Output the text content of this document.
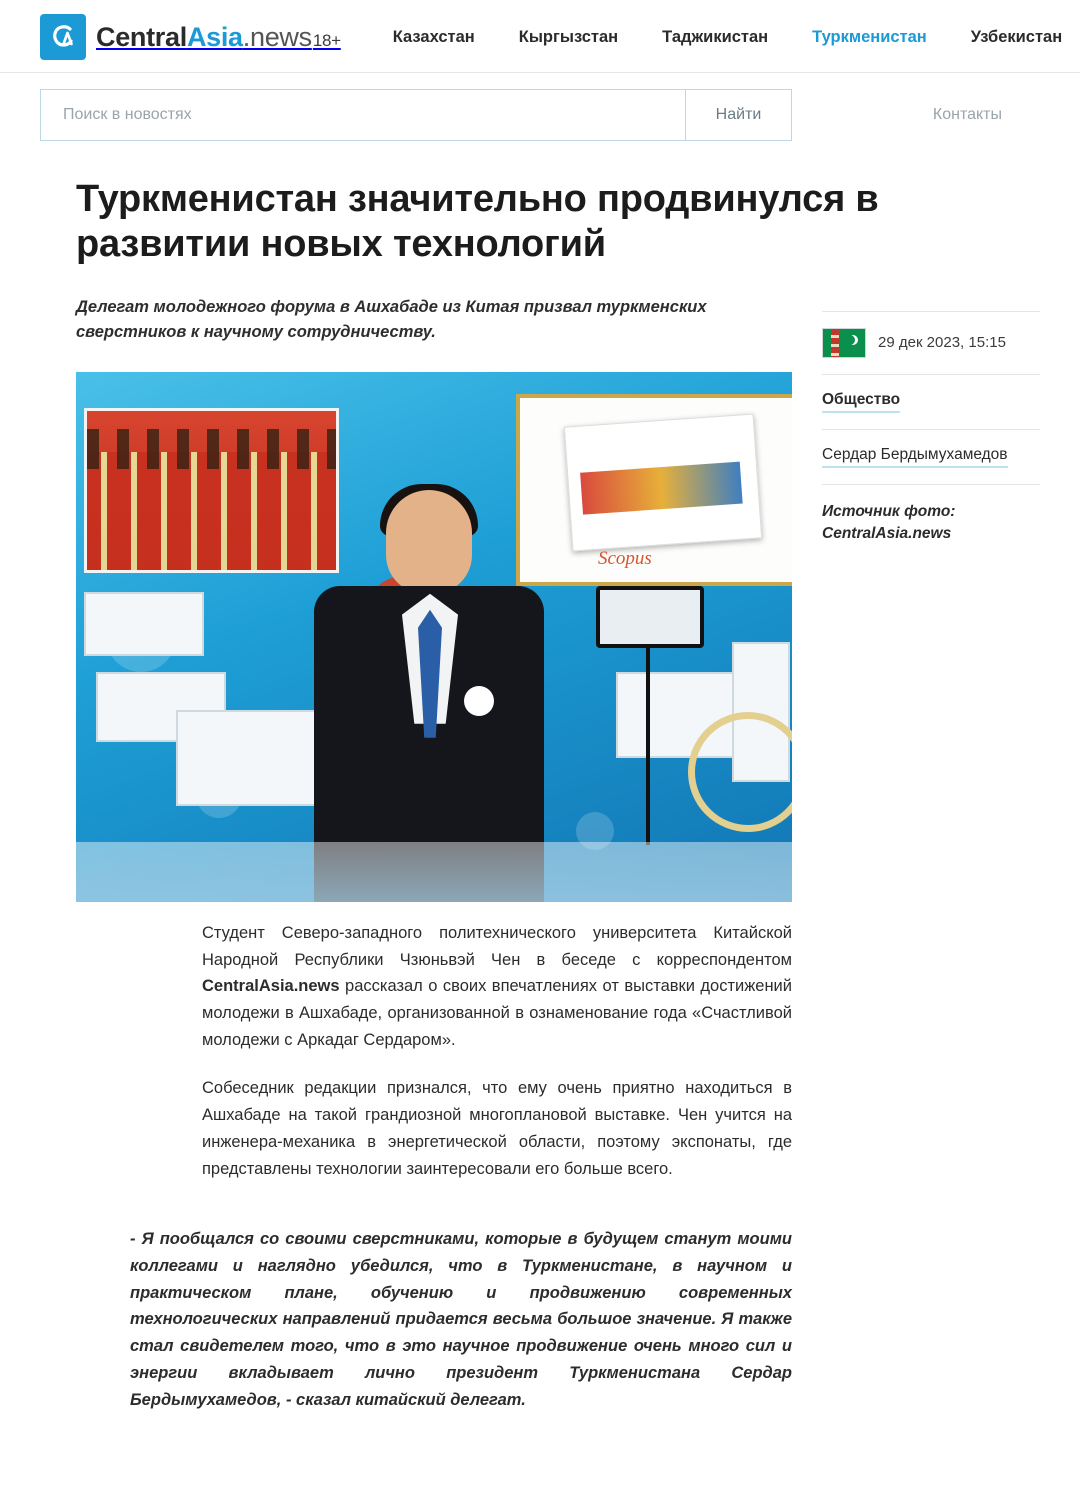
CentralAsia.news18+	Казахстан	Кыргызстан	Таджикистан	Туркменистан	Узбекистан
Поиск в новостях
Найти	Контакты
Туркменистан значительно продвинулся в развитии новых технологий

Делегат молодежного форума в Ашхабаде из Китая призвал туркменских сверстников к научному сотрудничеству.

Scopus

Студент Северо-западного политехнического университета Китайской Народной Республики Чзюньвэй Чен в беседе с корреспондентом CentralAsia.news рассказал о своих впечатлениях от выставки достижений молодежи в Ашхабаде, организованной в ознаменование года «Счастливой молодежи с Аркадаг Сердаром».

Собеседник редакции признался, что ему очень приятно находиться в Ашхабаде на такой грандиозной многоплановой выставке. Чен учится на инженера-механика в энергетической области, поэтому экспонаты, где представлены технологии заинтересовали его больше всего.

- Я пообщался со своими сверстниками, которые в будущем станут моими коллегами и наглядно убедился, что в Туркменистане, в научном и практическом плане, обучению и продвижению современных технологических направлений придается весьма большое значение. Я также стал свидетелем того, что в это научное продвижение очень много сил и энергии вкладывает лично президент Туркменистана Сердар Бердымухамедов, - сказал китайский делегат.

29 дек 2023, 15:15
Общество
Сердар Бердымухамедов
Источник фото:
CentralAsia.news
